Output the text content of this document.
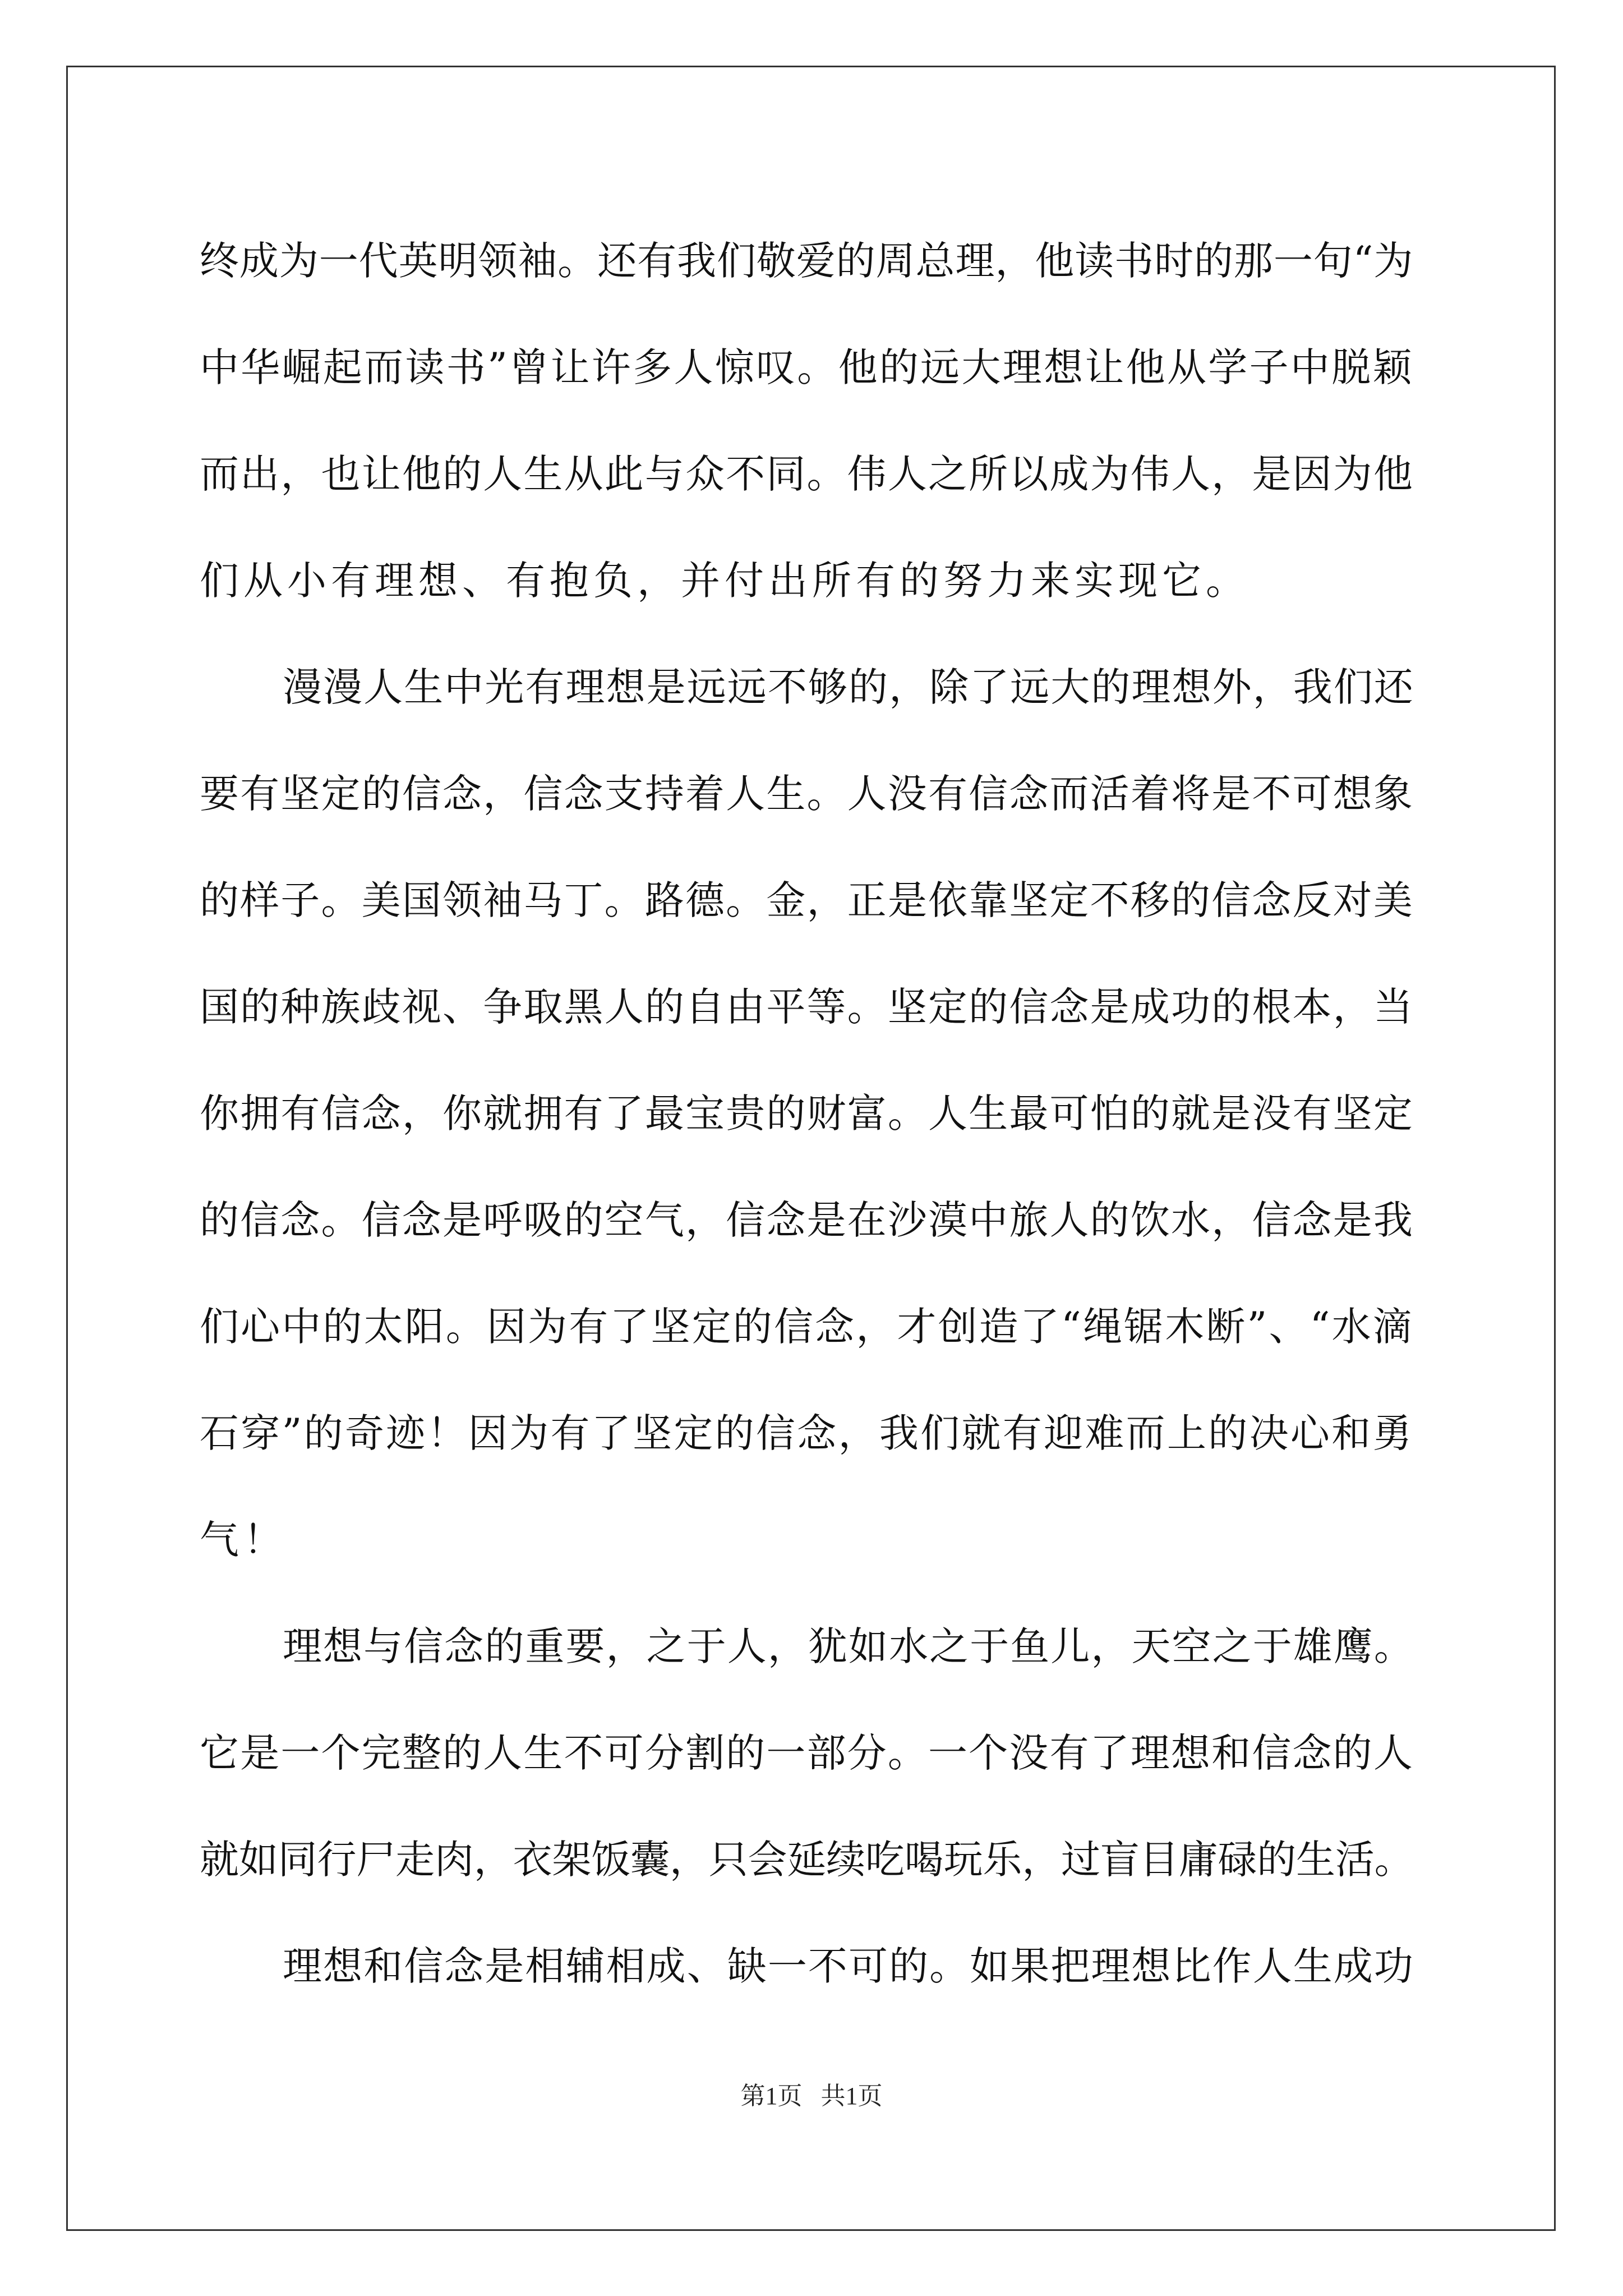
终成为一代英明领袖。还有我们敬爱的周总理，他读书时的那一句“为
中华崛起而读书”曾让许多人惊叹。他的远大理想让他从学子中脱颖
而出，也让他的人生从此与众不同。伟人之所以成为伟人，是因为他
们从小有理想、有抱负，并付出所有的努力来实现它。
漫漫人生中光有理想是远远不够的，除了远大的理想外，我们还
要有坚定的信念，信念支持着人生。人没有信念而活着将是不可想象
的样子。美国领袖马丁。路德。金，正是依靠坚定不移的信念反对美
国的种族歧视、争取黑人的自由平等。坚定的信念是成功的根本，当
你拥有信念，你就拥有了最宝贵的财富。人生最可怕的就是没有坚定
的信念。信念是呼吸的空气，信念是在沙漠中旅人的饮水，信念是我
们心中的太阳。因为有了坚定的信念，才创造了“绳锯木断”、“水滴
石穿”的奇迹！因为有了坚定的信念，我们就有迎难而上的决心和勇
气！
理想与信念的重要，之于人，犹如水之于鱼儿，天空之于雄鹰。
它是一个完整的人生不可分割的一部分。一个没有了理想和信念的人
就如同行尸走肉，衣架饭囊，只会延续吃喝玩乐，过盲目庸碌的生活。
理想和信念是相辅相成、缺一不可的。如果把理想比作人生成功
第1页   共1页
